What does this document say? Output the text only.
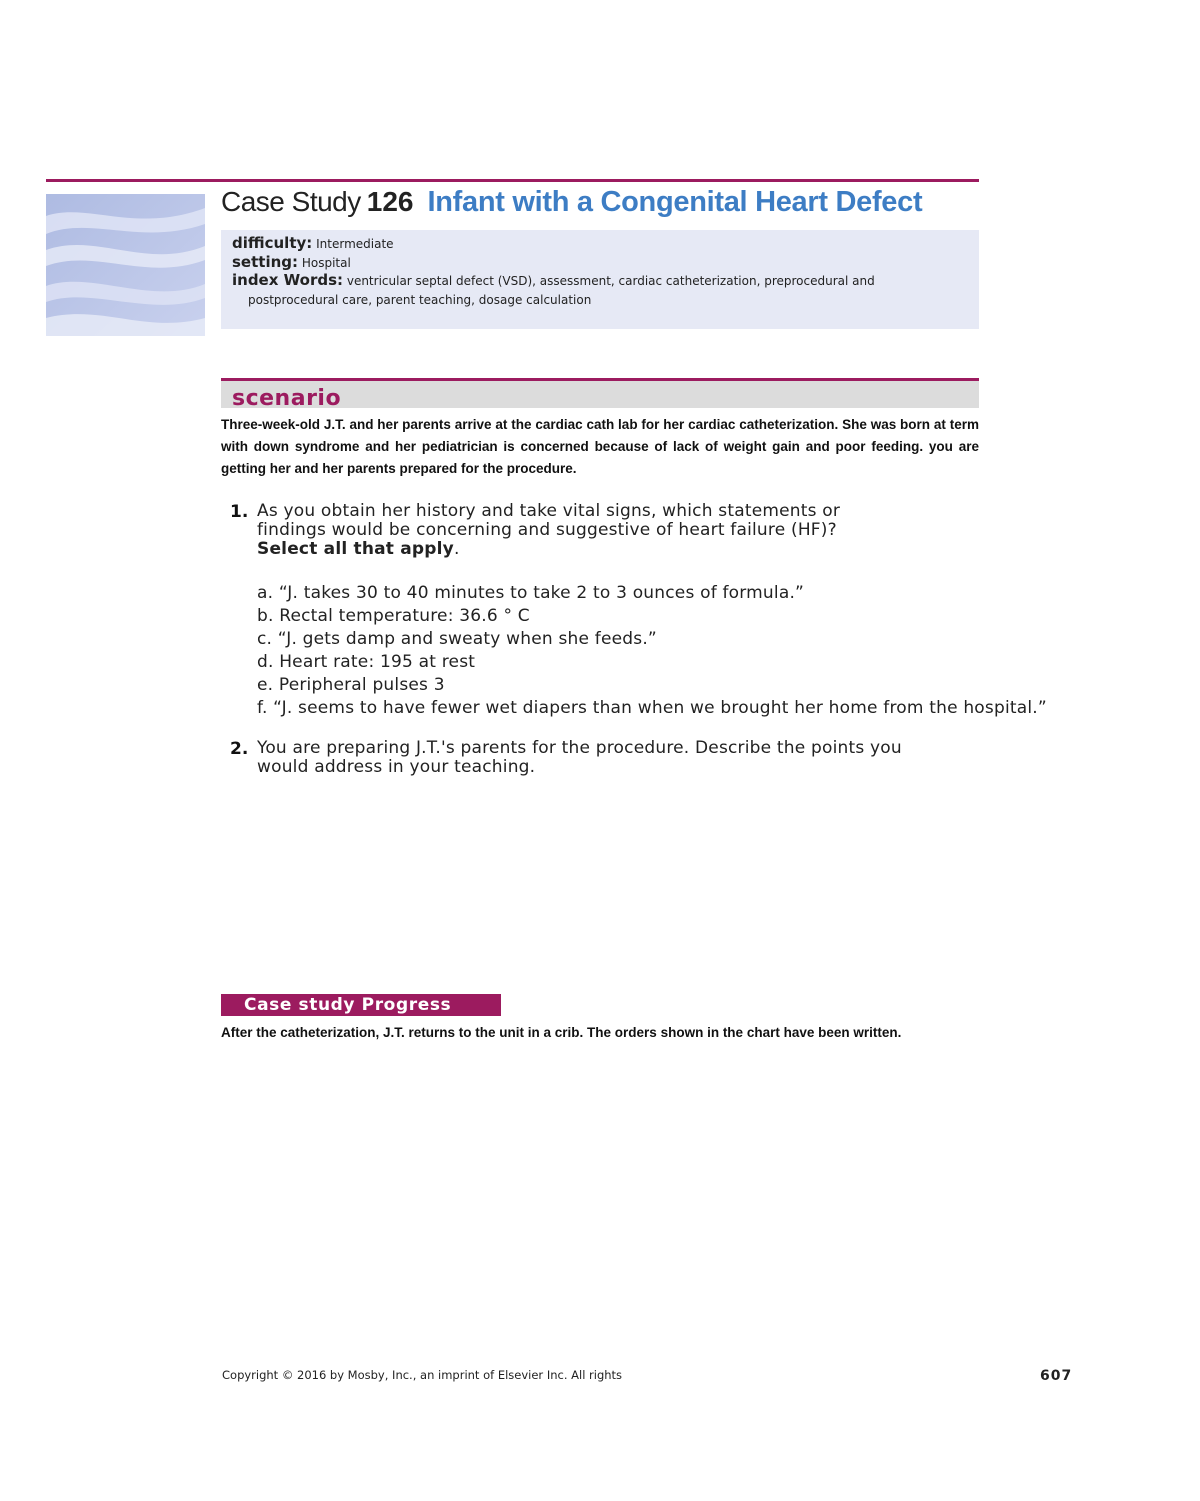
Case Study 126 Infant with a Congenital Heart Defect
difficulty: Intermediate
setting: Hospital
index Words: ventricular septal defect (VSD), assessment, cardiac catheterization, preprocedural and
postprocedural care, parent teaching, dosage calculation
scenario
Three-week-old J.T. and her parents arrive at the cardiac cath lab for her cardiac catheterization. She was born at term with down syndrome and her pediatrician is concerned because of lack of weight gain and poor feeding. you are getting her and her parents prepared for the procedure.
1. As you obtain her history and take vital signs, which statements or
findings would be concerning and suggestive of heart failure (HF)?
Select all that apply.
a. “J. takes 30 to 40 minutes to take 2 to 3 ounces of formula.”
b. Rectal temperature: 36.6 ° C
c. “J. gets damp and sweaty when she feeds.”
d. Heart rate: 195 at rest
e. Peripheral pulses 3
f. “J. seems to have fewer wet diapers than when we brought her home from the hospital.”
2. You are preparing J.T.'s parents for the procedure. Describe the points you
would address in your teaching.
Case study Progress
After the catheterization, J.T. returns to the unit in a crib. The orders shown in the chart have been written.
Copyright © 2016 by Mosby, Inc., an imprint of Elsevier Inc. All rights	607
